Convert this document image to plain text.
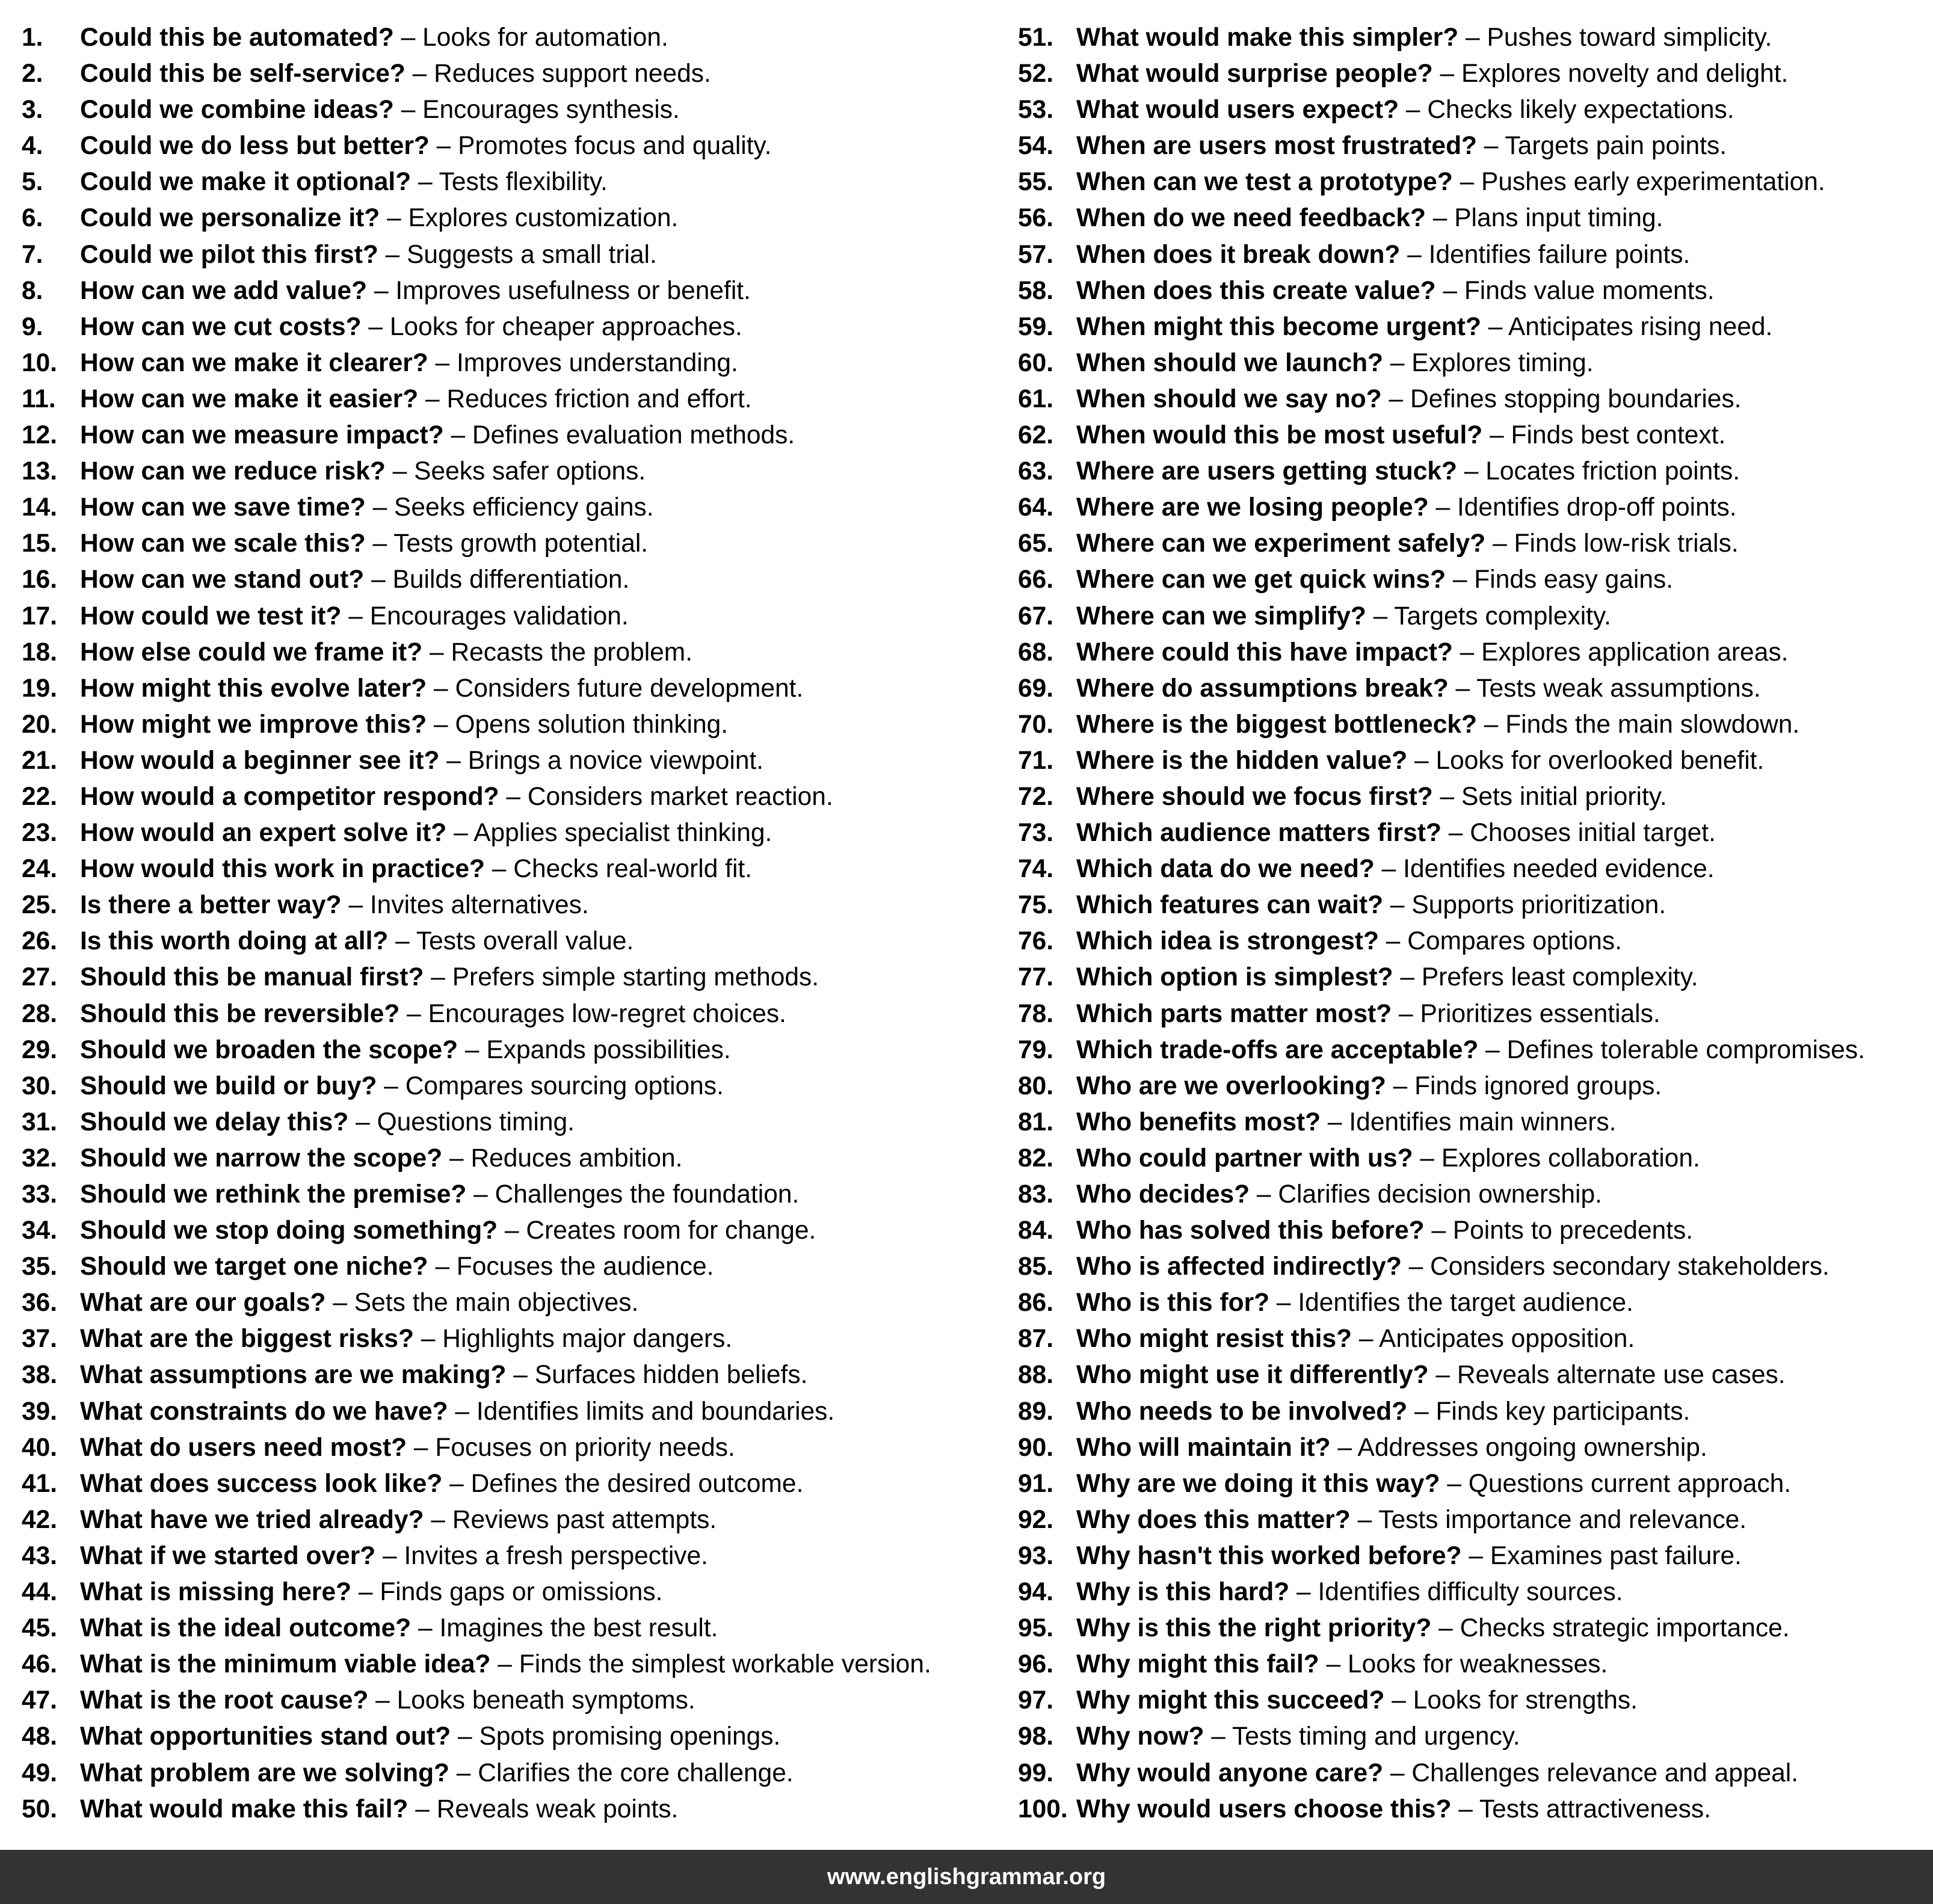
1. Could this be automated? – Looks for automation.
2. Could this be self-service? – Reduces support needs.
3. Could we combine ideas? – Encourages synthesis.
4. Could we do less but better? – Promotes focus and quality.
5. Could we make it optional? – Tests flexibility.
6. Could we personalize it? – Explores customization.
7. Could we pilot this first? – Suggests a small trial.
8. How can we add value? – Improves usefulness or benefit.
9. How can we cut costs? – Looks for cheaper approaches.
10. How can we make it clearer? – Improves understanding.
11. How can we make it easier? – Reduces friction and effort.
12. How can we measure impact? – Defines evaluation methods.
13. How can we reduce risk? – Seeks safer options.
14. How can we save time? – Seeks efficiency gains.
15. How can we scale this? – Tests growth potential.
16. How can we stand out? – Builds differentiation.
17. How could we test it? – Encourages validation.
18. How else could we frame it? – Recasts the problem.
19. How might this evolve later? – Considers future development.
20. How might we improve this? – Opens solution thinking.
21. How would a beginner see it? – Brings a novice viewpoint.
22. How would a competitor respond? – Considers market reaction.
23. How would an expert solve it? – Applies specialist thinking.
24. How would this work in practice? – Checks real-world fit.
25. Is there a better way? – Invites alternatives.
26. Is this worth doing at all? – Tests overall value.
27. Should this be manual first? – Prefers simple starting methods.
28. Should this be reversible? – Encourages low-regret choices.
29. Should we broaden the scope? – Expands possibilities.
30. Should we build or buy? – Compares sourcing options.
31. Should we delay this? – Questions timing.
32. Should we narrow the scope? – Reduces ambition.
33. Should we rethink the premise? – Challenges the foundation.
34. Should we stop doing something? – Creates room for change.
35. Should we target one niche? – Focuses the audience.
36. What are our goals? – Sets the main objectives.
37. What are the biggest risks? – Highlights major dangers.
38. What assumptions are we making? – Surfaces hidden beliefs.
39. What constraints do we have? – Identifies limits and boundaries.
40. What do users need most? – Focuses on priority needs.
41. What does success look like? – Defines the desired outcome.
42. What have we tried already? – Reviews past attempts.
43. What if we started over? – Invites a fresh perspective.
44. What is missing here? – Finds gaps or omissions.
45. What is the ideal outcome? – Imagines the best result.
46. What is the minimum viable idea? – Finds the simplest workable version.
47. What is the root cause? – Looks beneath symptoms.
48. What opportunities stand out? – Spots promising openings.
49. What problem are we solving? – Clarifies the core challenge.
50. What would make this fail? – Reveals weak points.
51. What would make this simpler? – Pushes toward simplicity.
52. What would surprise people? – Explores novelty and delight.
53. What would users expect? – Checks likely expectations.
54. When are users most frustrated? – Targets pain points.
55. When can we test a prototype? – Pushes early experimentation.
56. When do we need feedback? – Plans input timing.
57. When does it break down? – Identifies failure points.
58. When does this create value? – Finds value moments.
59. When might this become urgent? – Anticipates rising need.
60. When should we launch? – Explores timing.
61. When should we say no? – Defines stopping boundaries.
62. When would this be most useful? – Finds best context.
63. Where are users getting stuck? – Locates friction points.
64. Where are we losing people? – Identifies drop-off points.
65. Where can we experiment safely? – Finds low-risk trials.
66. Where can we get quick wins? – Finds easy gains.
67. Where can we simplify? – Targets complexity.
68. Where could this have impact? – Explores application areas.
69. Where do assumptions break? – Tests weak assumptions.
70. Where is the biggest bottleneck? – Finds the main slowdown.
71. Where is the hidden value? – Looks for overlooked benefit.
72. Where should we focus first? – Sets initial priority.
73. Which audience matters first? – Chooses initial target.
74. Which data do we need? – Identifies needed evidence.
75. Which features can wait? – Supports prioritization.
76. Which idea is strongest? – Compares options.
77. Which option is simplest? – Prefers least complexity.
78. Which parts matter most? – Prioritizes essentials.
79. Which trade-offs are acceptable? – Defines tolerable compromises.
80. Who are we overlooking? – Finds ignored groups.
81. Who benefits most? – Identifies main winners.
82. Who could partner with us? – Explores collaboration.
83. Who decides? – Clarifies decision ownership.
84. Who has solved this before? – Points to precedents.
85. Who is affected indirectly? – Considers secondary stakeholders.
86. Who is this for? – Identifies the target audience.
87. Who might resist this? – Anticipates opposition.
88. Who might use it differently? – Reveals alternate use cases.
89. Who needs to be involved? – Finds key participants.
90. Who will maintain it? – Addresses ongoing ownership.
91. Why are we doing it this way? – Questions current approach.
92. Why does this matter? – Tests importance and relevance.
93. Why hasn't this worked before? – Examines past failure.
94. Why is this hard? – Identifies difficulty sources.
95. Why is this the right priority? – Checks strategic importance.
96. Why might this fail? – Looks for weaknesses.
97. Why might this succeed? – Looks for strengths.
98. Why now? – Tests timing and urgency.
99. Why would anyone care? – Challenges relevance and appeal.
100. Why would users choose this? – Tests attractiveness.
www.englishgrammar.org
